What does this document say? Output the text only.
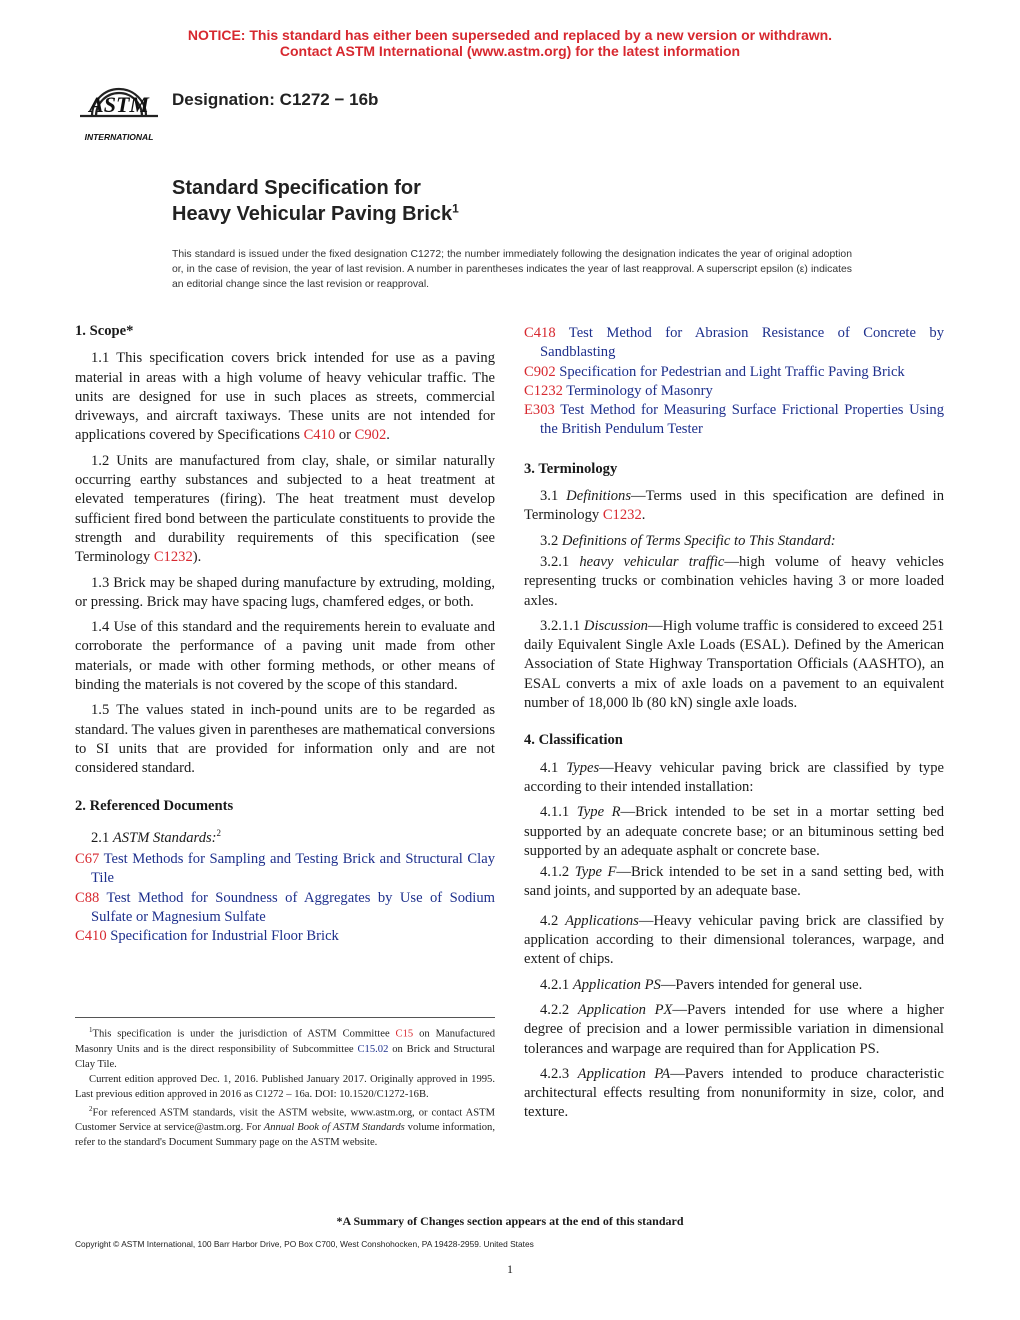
NOTICE: This standard has either been superseded and replaced by a new version or withdrawn.
Contact ASTM International (www.astm.org) for the latest information
ASTM
INTERNATIONAL
Designation: C1272 − 16b
Standard Specification for
Heavy Vehicular Paving Brick$^1$
This standard is issued under the fixed designation C1272; the number immediately following the designation indicates the year of original adoption or, in the case of revision, the year of last revision. A number in parentheses indicates the year of last reapproval. A superscript epsilon (ε) indicates an editorial change since the last revision or reapproval.
1. Scope*

1.1 This specification covers brick intended for use as a paving material in areas with a high volume of heavy vehicular traffic. The units are designed for use in such places as streets, commercial driveways, and aircraft taxiways. These units are not intended for applications covered by Specifications C410 or C902.

1.2 Units are manufactured from clay, shale, or similar naturally occurring earthy substances and subjected to a heat treatment at elevated temperatures (firing). The heat treatment must develop sufficient fired bond between the particulate constituents to provide the strength and durability requirements of this specification (see Terminology C1232).

1.3 Brick may be shaped during manufacture by extruding, molding, or pressing. Brick may have spacing lugs, chamfered edges, or both.

1.4 Use of this standard and the requirements herein to evaluate and corroborate the performance of a paving unit made from other materials, or made with other forming methods, or other means of binding the materials is not covered by the scope of this standard.

1.5 The values stated in inch-pound units are to be regarded as standard. The values given in parentheses are mathematical conversions to SI units that are provided for information only and are not considered standard.

2. Referenced Documents

2.1 ASTM Standards:$^2$

C67 Test Methods for Sampling and Testing Brick and Structural Clay Tile

C88 Test Method for Soundness of Aggregates by Use of Sodium Sulfate or Magnesium Sulfate

C410 Specification for Industrial Floor Brick

C418 Test Method for Abrasion Resistance of Concrete by Sandblasting

C902 Specification for Pedestrian and Light Traffic Paving Brick

C1232 Terminology of Masonry

E303 Test Method for Measuring Surface Frictional Properties Using the British Pendulum Tester

3. Terminology

3.1 Definitions—Terms used in this specification are defined in Terminology C1232.

3.2 Definitions of Terms Specific to This Standard:

3.2.1 heavy vehicular traffic—high volume of heavy vehicles representing trucks or combination vehicles having 3 or more loaded axles.

3.2.1.1 Discussion—High volume traffic is considered to exceed 251 daily Equivalent Single Axle Loads (ESAL). Defined by the American Association of State Highway Transportation Officials (AASHTO), an ESAL converts a mix of axle loads on a pavement to an equivalent number of 18,000 lb (80 kN) single axle loads.

4. Classification

4.1 Types—Heavy vehicular paving brick are classified by type according to their intended installation:

4.1.1 Type R—Brick intended to be set in a mortar setting bed supported by an adequate concrete base; or an bituminous setting bed supported by an adequate asphalt or concrete base.

4.1.2 Type F—Brick intended to be set in a sand setting bed, with sand joints, and supported by an adequate base.

4.2 Applications—Heavy vehicular paving brick are classified by application according to their dimensional tolerances, warpage, and extent of chips.

4.2.1 Application PS—Pavers intended for general use.

4.2.2 Application PX—Pavers intended for use where a higher degree of precision and a lower permissible variation in dimensional tolerances and warpage are required than for Application PS.

4.2.3 Application PA—Pavers intended to produce characteristic architectural effects resulting from nonuniformity in size, color, and texture.

$^1$This specification is under the jurisdiction of ASTM Committee C15 on Manufactured Masonry Units and is the direct responsibility of Subcommittee C15.02 on Brick and Structural Clay Tile.

Current edition approved Dec. 1, 2016. Published January 2017. Originally approved in 1995. Last previous edition approved in 2016 as C1272 – 16a. DOI: 10.1520/C1272-16B.

$^2$For referenced ASTM standards, visit the ASTM website, www.astm.org, or contact ASTM Customer Service at service@astm.org. For Annual Book of ASTM Standards volume information, refer to the standard's Document Summary page on the ASTM website.

*A Summary of Changes section appears at the end of this standard
Copyright © ASTM International, 100 Barr Harbor Drive, PO Box C700, West Conshohocken, PA 19428-2959. United States
1
